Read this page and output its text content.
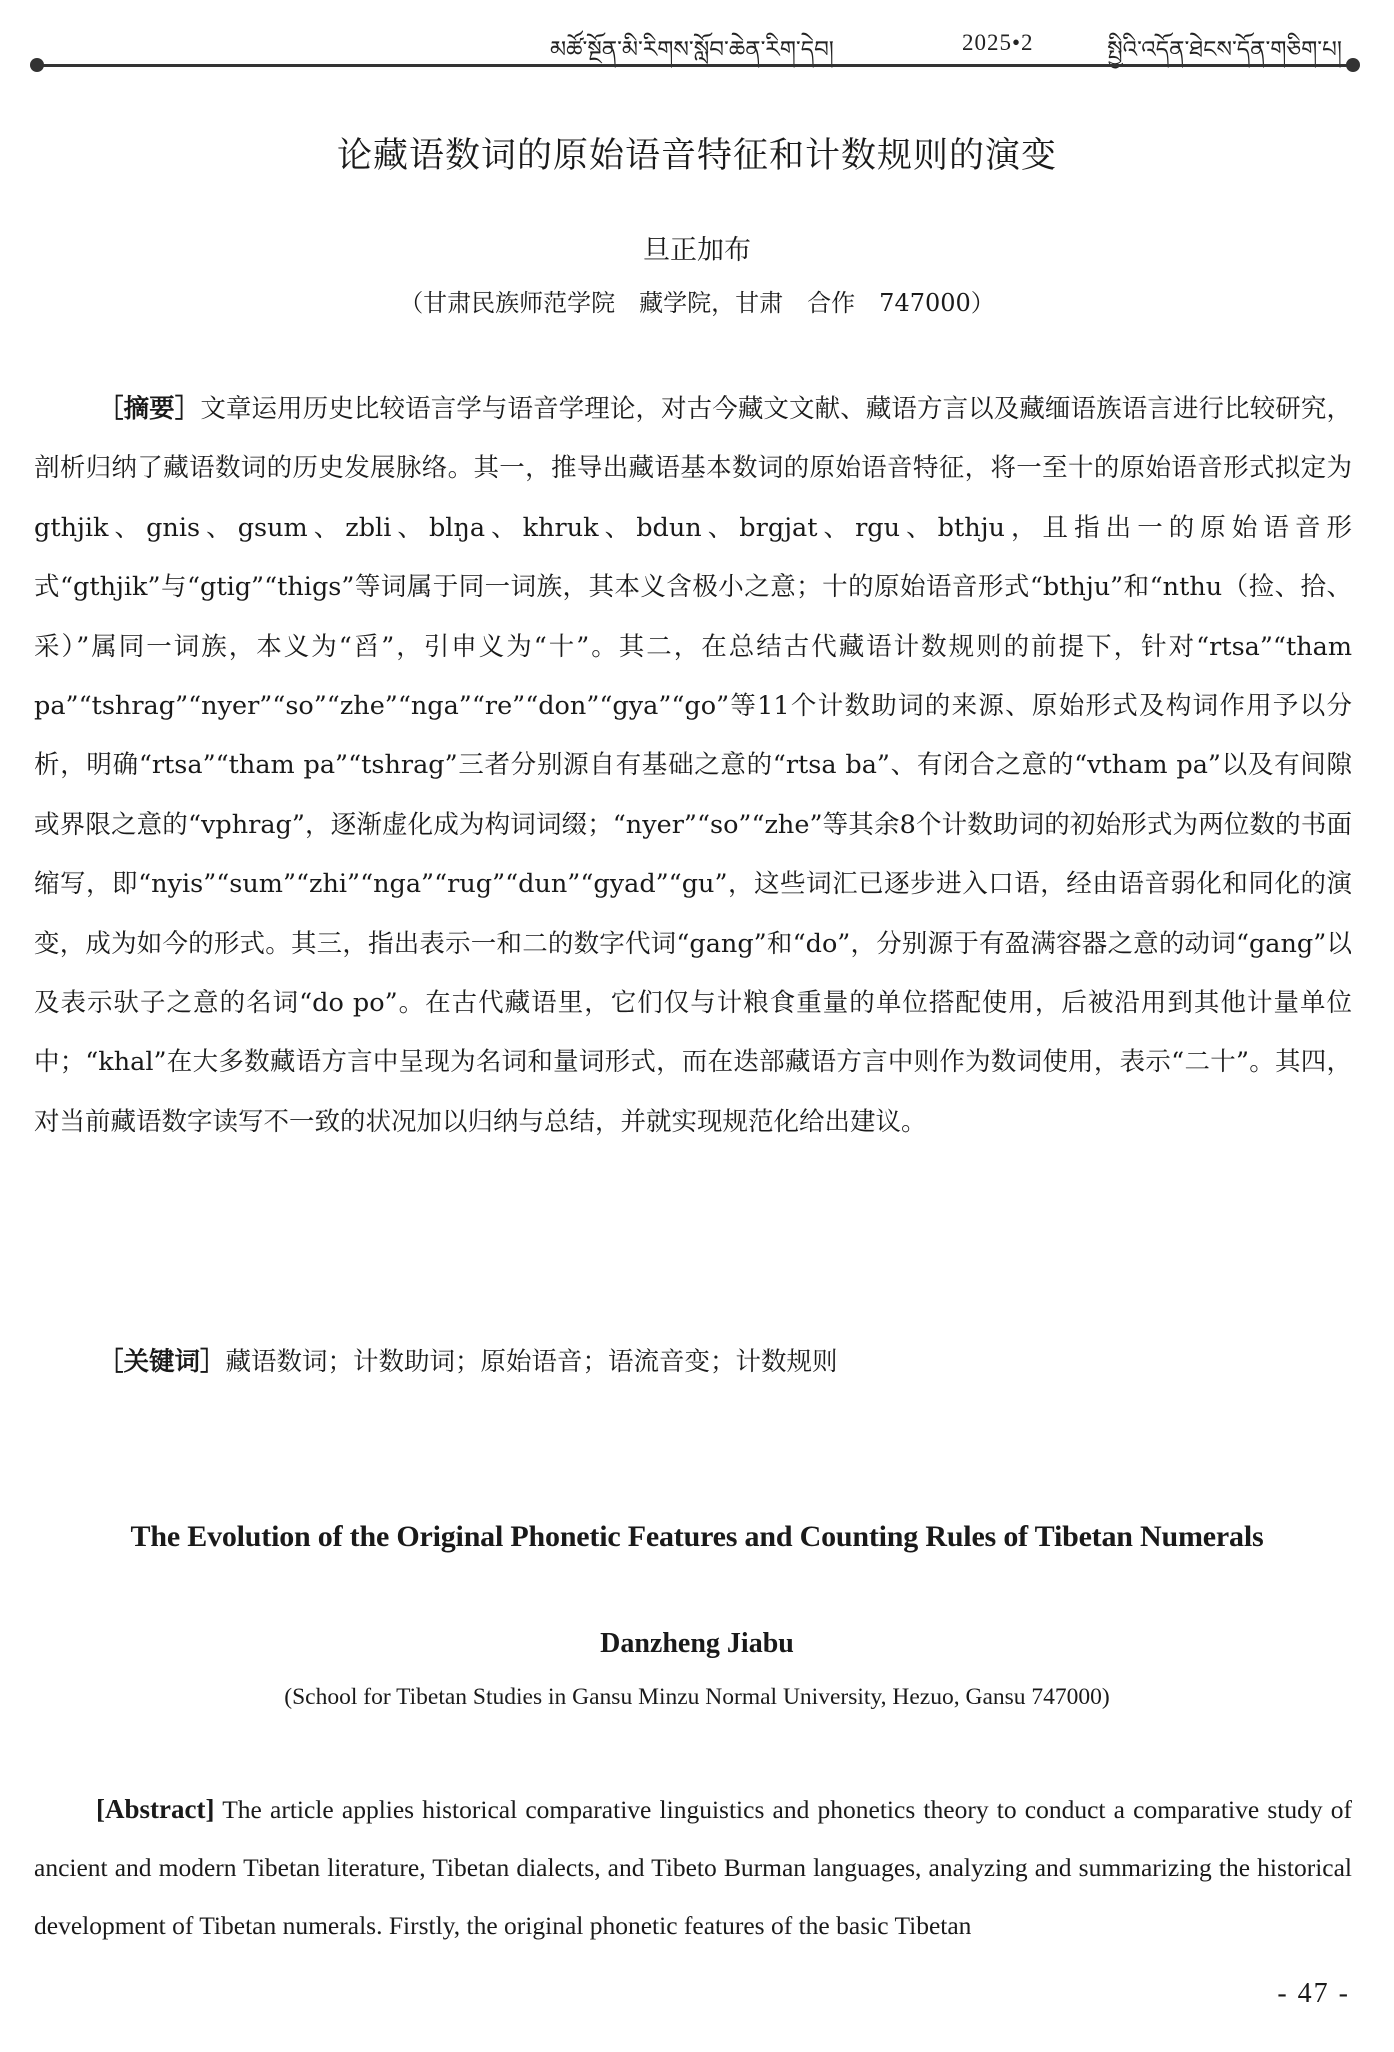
མཚོ་སྔོན་མི་རིགས་སློབ་ཆེན་རིག་དེབ།	2025•2	སྤྱིའི་འདོན་ཐེངས་དོན་གཅིག་པ།
论藏语数词的原始语音特征和计数规则的演变
旦正加布
（甘肃民族师范学院　藏学院，甘肃　合作　747000）
［摘要］文章运用历史比较语言学与语音学理论，对古今藏文文献、藏语方言以及藏缅语族语言进行比较研究，剖析归纳了藏语数词的历史发展脉络。其一，推导出藏语基本数词的原始语音特征，将一至十的原始语音形式拟定为gthjik、gnis、gsum、zbli、blŋa、khruk、bdun、brgjat、rgu、bthju，且指出一的原始语音形式“gthjik”与“gtig”“thigs”等词属于同一词族，其本义含极小之意；十的原始语音形式“bthju”和“nthu（捡、拾、采）”属同一词族，本义为“舀”，引申义为“十”。其二，在总结古代藏语计数规则的前提下，针对“rtsa”“tham pa”“tshrag”“nyer”“so”“zhe”“nga”“re”“don”“gya”“go”等11个计数助词的来源、原始形式及构词作用予以分析，明确“rtsa”“tham pa”“tshrag”三者分别源自有基础之意的“rtsa ba”、有闭合之意的“vtham pa”以及有间隙或界限之意的“vphrag”，逐渐虚化成为构词词缀；“nyer”“so”“zhe”等其余8个计数助词的初始形式为两位数的书面缩写，即“nyis”“sum”“zhi”“nga”“rug”“dun”“gyad”“gu”，这些词汇已逐步进入口语，经由语音弱化和同化的演变，成为如今的形式。其三，指出表示一和二的数字代词“gang”和“do”，分别源于有盈满容器之意的动词“gang”以及表示驮子之意的名词“do po”。在古代藏语里，它们仅与计粮食重量的单位搭配使用，后被沿用到其他计量单位中；“khal”在大多数藏语方言中呈现为名词和量词形式，而在迭部藏语方言中则作为数词使用，表示“二十”。其四，对当前藏语数字读写不一致的状况加以归纳与总结，并就实现规范化给出建议。
［关键词］藏语数词；计数助词；原始语音；语流音变；计数规则
The Evolution of the Original Phonetic Features and Counting Rules of Tibetan Numerals
Danzheng Jiabu
(School for Tibetan Studies in Gansu Minzu Normal University, Hezuo, Gansu 747000)
[Abstract] The article applies historical comparative linguistics and phonetics theory to conduct a comparative study of ancient and modern Tibetan literature, Tibetan dialects, and Tibeto Burman languages, analyzing and summarizing the historical development of Tibetan numerals. Firstly, the original phonetic features of the basic Tibetan
- 47 -
